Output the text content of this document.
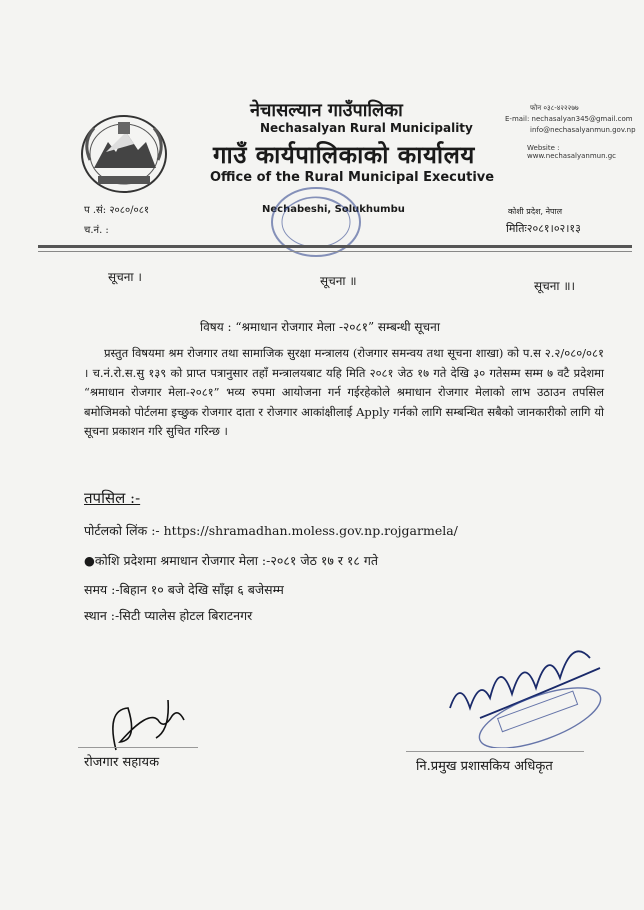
नेचासल्यान गाउँपालिका
Nechasalyan Rural Municipality
गाउँ कार्यपालिकाको कार्यालय
Office of the Rural Municipal Executive
Nechabeshi, Solukhumbu
फोन ०३८-४२२२७७
E-mail: nechasalyan345@gmail.com
info@nechasalyanmun.gov.np
Website : www.nechasalyanmun.gc
प .सं: २०८०/०८१
च.नं. :
कोशी प्रदेश, नेपाल
मितिः२०८१।०२।१३
सूचना ।	सूचना ॥	सूचना ॥।
विषय : “श्रमाधान रोजगार मेला -२०८१” सम्बन्धी सूचना

प्रस्तुत विषयमा श्रम रोजगार तथा सामाजिक सुरक्षा मन्त्रालय (रोजगार समन्वय तथा सूचना शाखा) को प.स २.२/०८०/०८१ । च.नं.रो.स.सु १३९ को प्राप्त पत्रानुसार तहाँ मन्त्रालयबाट यहि मिति २०८१ जेठ १७ गते देखि ३० गतेसम्म सम्म ७ वटै प्रदेशमा “श्रमाधान रोजगार मेला-२०८१” भव्य रुपमा आयोजना गर्न गईरहेकोले श्रमाधान रोजगार मेलाको लाभ उठाउन तपसिल बमोजिमको पोर्टलमा इच्छुक रोजगार दाता र रोजगार आकांक्षीलाई Apply गर्नको लागि सम्बन्धित सबैको जानकारीको लागि यो सूचना प्रकाशन गरि सुचित गरिन्छ ।

तपसिल :-
पोर्टलको लिंक :- https://shramadhan.moless.gov.np.rojgarmela/
●कोशि प्रदेशमा श्रमाधान रोजगार मेला :-२०८१ जेठ १७ र १८ गते
समय :-बिहान १० बजे देखि साँझ ६ बजेसम्म
स्थान :-सिटी प्यालेस होटल बिराटनगर
रोजगार सहायक	नि.प्रमुख प्रशासकिय अधिकृत
